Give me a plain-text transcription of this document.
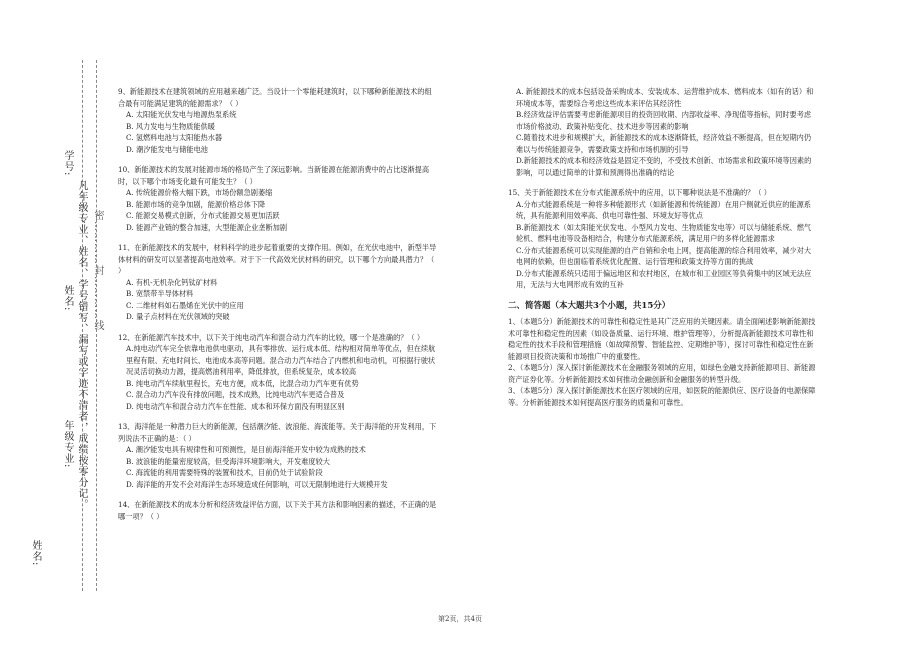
学号:
姓名:
年级专业:
姓名:
凡年级专业、姓名、学号错写、漏写或字迹不清者，成绩按零分记。 密…………封…………线

9、新能源技术在建筑领域的应用越来越广泛。当设计一个零能耗建筑时，以下哪种新能源技术的组合最有可能满足建筑的能源需求？（ ）

A. 太阳能光伏发电与地源热泵系统

B. 风力发电与生物质能供暖

C. 氢燃料电池与太阳能热水器

D. 潮汐能发电与储能电池

10、新能源技术的发展对能源市场的格局产生了深远影响。当新能源在能源消费中的占比逐渐提高时，以下哪个市场变化最有可能发生？（ ）

A. 传统能源价格大幅下跌，市场份额急剧萎缩

B. 能源市场的竞争加剧，能源价格总体下降

C. 能源交易模式创新，分布式能源交易更加活跃

D. 能源产业链的整合加速，大型能源企业垄断加剧

11、在新能源技术的发展中，材料科学的进步起着重要的支撑作用。例如，在光伏电池中，新型半导体材料的研发可以显著提高电池效率。对于下一代高效光伏材料的研究，以下哪个方向最具潜力？（ ）

A. 有机-无机杂化钙钛矿材料

B. 宽禁带半导体材料

C. 二维材料如石墨烯在光伏中的应用

D. 量子点材料在光伏领域的突破

12、在新能源汽车技术中，以下关于纯电动汽车和混合动力汽车的比较，哪一个是准确的？（ ）

A.纯电动汽车完全依靠电池供电驱动，具有零排放、运行成本低、结构相对简单等优点，但在续航里程有限、充电时间长、电池成本高等问题。混合动力汽车结合了内燃机和电动机，可根据行驶状况灵活切换动力源，提高燃油利用率，降低排放，但系统复杂，成本较高

B. 纯电动汽车续航里程长，充电方便，成本低，比混合动力汽车更有优势

C. 混合动力汽车没有排放问题，技术成熟，比纯电动汽车更适合普及

D. 纯电动汽车和混合动力汽车在性能、成本和环保方面没有明显区别

13、海洋能是一种潜力巨大的新能源，包括潮汐能、波浪能、海流能等。关于海洋能的开发利用，下列说法不正确的是：（ ）

A. 潮汐能发电具有规律性和可预测性，是目前海洋能开发中较为成熟的技术

B. 波浪能的能量密度较高，但受海洋环境影响大，开发难度较大

C. 海流能的利用需要特殊的装置和技术，目前仍处于试验阶段

D. 海洋能的开发不会对海洋生态环境造成任何影响，可以无限制地进行大规模开发

14、在新能源技术的成本分析和经济效益评估方面，以下关于其方法和影响因素的描述，不正确的是哪一项？（ ）

A. 新能源技术的成本包括设备采购成本、安装成本、运营维护成本、燃料成本（如有的话）和环境成本等，需要综合考虑这些成本来评估其经济性

B.经济效益评估需要考虑新能源项目的投资回收期、内部收益率、净现值等指标，同时要考虑市场价格波动、政策补贴变化、技术进步等因素的影响

C.随着技术进步和规模扩大，新能源技术的成本逐渐降低，经济效益不断提高，但在短期内仍难以与传统能源竞争，需要政策支持和市场机制的引导

D.新能源技术的成本和经济效益是固定不变的，不受技术创新、市场需求和政策环境等因素的影响，可以通过简单的计算和预测得出准确的结论

15、关于新能源技术在分布式能源系统中的应用，以下哪种说法是不准确的？（ ）

A.分布式能源系统是一种将多种能源形式（如新能源和传统能源）在用户侧就近供应的能源系统，具有能源利用效率高、供电可靠性强、环境友好等优点

B.新能源技术（如太阳能光伏发电、小型风力发电、生物质能发电等）可以与储能系统、燃气轮机、燃料电池等设备相结合，构建分布式能源系统，满足用户的多样化能源需求

C.分布式能源系统可以实现能源的自产自销和余电上网，提高能源的综合利用效率，减少对大电网的依赖，但也面临着系统优化配置、运行管理和政策支持等方面的挑战

D.分布式能源系统只适用于偏远地区和农村地区，在城市和工业园区等负荷集中的区域无法应用，无法与大电网形成有效的互补

二、简答题（本大题共3个小题，共15分）

1、（本题5分）新能源技术的可靠性和稳定性是其广泛应用的关键因素。请全面阐述影响新能源技术可靠性和稳定性的因素（如设备质量、运行环境、维护管理等），分析提高新能源技术可靠性和稳定性的技术手段和管理措施（如故障预警、智能监控、定期维护等），探讨可靠性和稳定性在新能源项目投资决策和市场推广中的重要性。

2、（本题5分）深入探讨新能源技术在金融服务领域的应用，如绿色金融支持新能源项目、新能源资产证券化等。分析新能源技术如何推动金融创新和金融服务的转型升级。

3、（本题5分）深入探讨新能源技术在医疗领域的应用，如医院的能源供应、医疗设备的电源保障等。分析新能源技术如何提高医疗服务的质量和可靠性。

第2页，共4页
